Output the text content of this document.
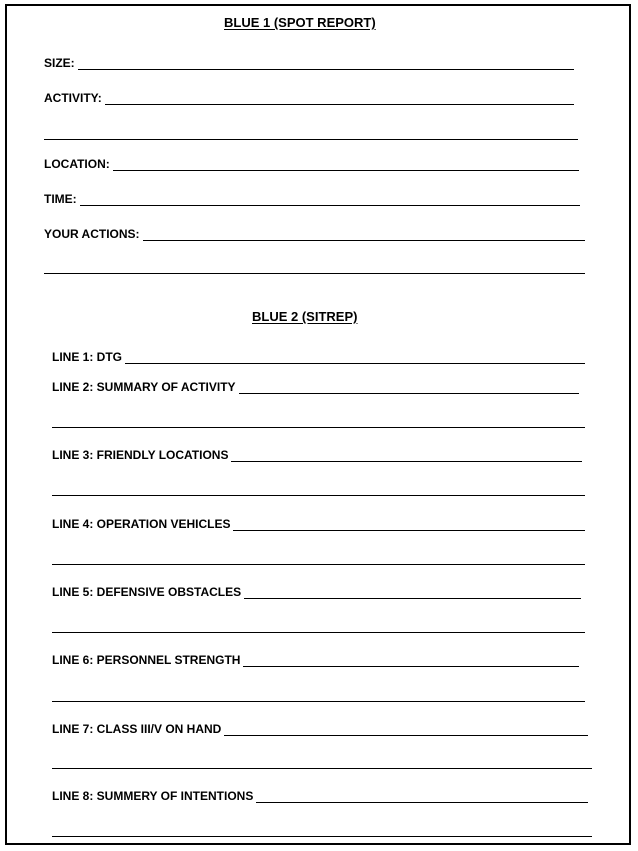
BLUE 1 (SPOT REPORT)
SIZE:
ACTIVITY:
LOCATION:
TIME:
YOUR ACTIONS:
BLUE 2 (SITREP)
LINE 1: DTG
LINE 2: SUMMARY OF ACTIVITY
LINE 3: FRIENDLY LOCATIONS
LINE 4: OPERATION VEHICLES
LINE 5: DEFENSIVE OBSTACLES
LINE 6: PERSONNEL STRENGTH
LINE 7: CLASS III/V ON HAND
LINE 8: SUMMERY OF INTENTIONS
